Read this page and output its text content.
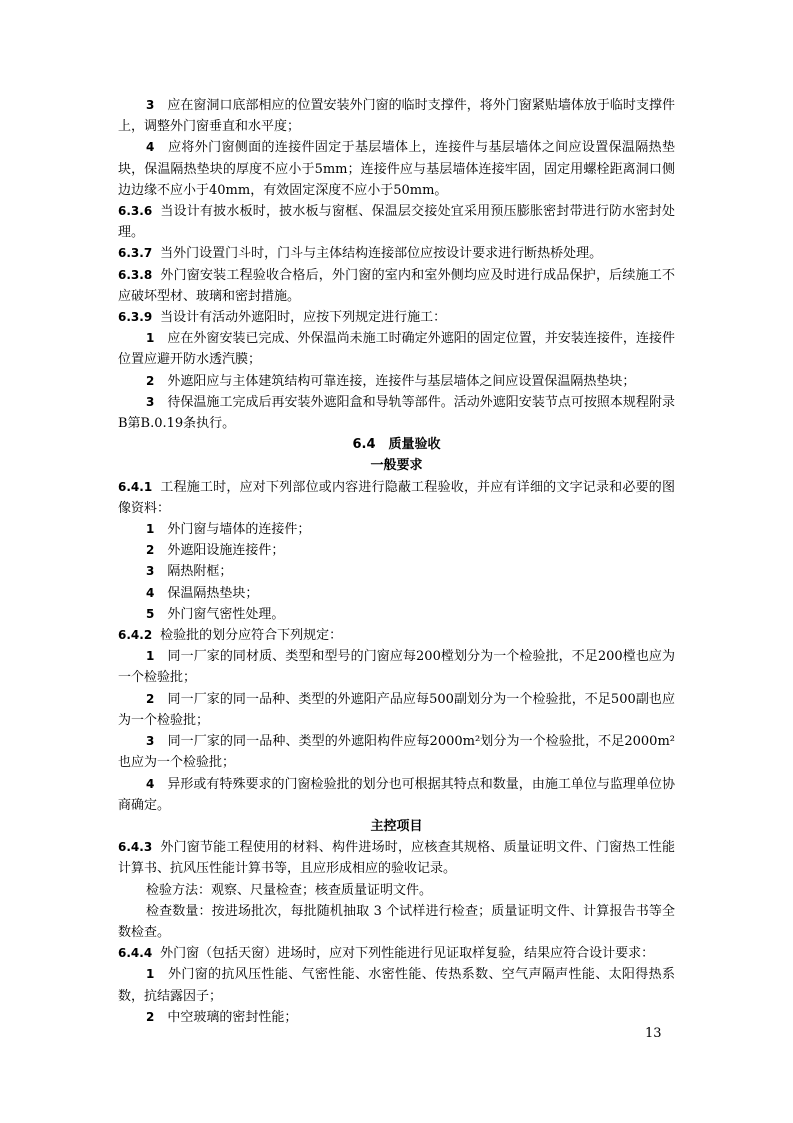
3　 应在窗洞口底部相应的位置安装外门窗的临时支撑件，将外门窗紧贴墙体放于临时支撑件上，调整外门窗垂直和水平度；

4　 应将外门窗侧面的连接件固定于基层墙体上，连接件与基层墙体之间应设置保温隔热垫块，保温隔热垫块的厚度不应小于5mm；连接件应与基层墙体连接牢固，固定用螺栓距离洞口侧边边缘不应小于40mm，有效固定深度不应小于50mm。

6.3.6 当设计有披水板时，披水板与窗框、保温层交接处宜采用预压膨胀密封带进行防水密封处理。

6.3.7 当外门设置门斗时，门斗与主体结构连接部位应按设计要求进行断热桥处理。

6.3.8 外门窗安装工程验收合格后，外门窗的室内和室外侧均应及时进行成品保护，后续施工不应破坏型材、玻璃和密封措施。

6.3.9 当设计有活动外遮阳时，应按下列规定进行施工：

1　 应在外窗安装已完成、外保温尚未施工时确定外遮阳的固定位置，并安装连接件，连接件位置应避开防水透汽膜；

2　 外遮阳应与主体建筑结构可靠连接，连接件与基层墙体之间应设置保温隔热垫块；

3　 待保温施工完成后再安装外遮阳盒和导轨等部件。活动外遮阳安装节点可按照本规程附录B第B.0.19条执行。

6.4　质量验收

一般要求

6.4.1 工程施工时，应对下列部位或内容进行隐蔽工程验收，并应有详细的文字记录和必要的图像资料：

1　 外门窗与墙体的连接件；

2　 外遮阳设施连接件；

3　 隔热附框；

4　 保温隔热垫块；

5　 外门窗气密性处理。

6.4.2 检验批的划分应符合下列规定：

1　 同一厂家的同材质、类型和型号的门窗应每200樘划分为一个检验批，不足200樘也应为一个检验批；

2　 同一厂家的同一品种、类型的外遮阳产品应每500副划分为一个检验批，不足500副也应为一个检验批；

3　 同一厂家的同一品种、类型的外遮阳构件应每2000m²划分为一个检验批，不足2000m²也应为一个检验批；

4　 异形或有特殊要求的门窗检验批的划分也可根据其特点和数量，由施工单位与监理单位协商确定。

主控项目

6.4.3 外门窗节能工程使用的材料、构件进场时，应核查其规格、质量证明文件、门窗热工性能计算书、抗风压性能计算书等，且应形成相应的验收记录。

检验方法：观察、尺量检查；核查质量证明文件。

检查数量：按进场批次，每批随机抽取 3 个试样进行检查；质量证明文件、计算报告书等全数检查。

6.4.4 外门窗（包括天窗）进场时，应对下列性能进行见证取样复验，结果应符合设计要求：

1　 外门窗的抗风压性能、气密性能、水密性能、传热系数、空气声隔声性能、太阳得热系数，抗结露因子；

2　 中空玻璃的密封性能；

13
